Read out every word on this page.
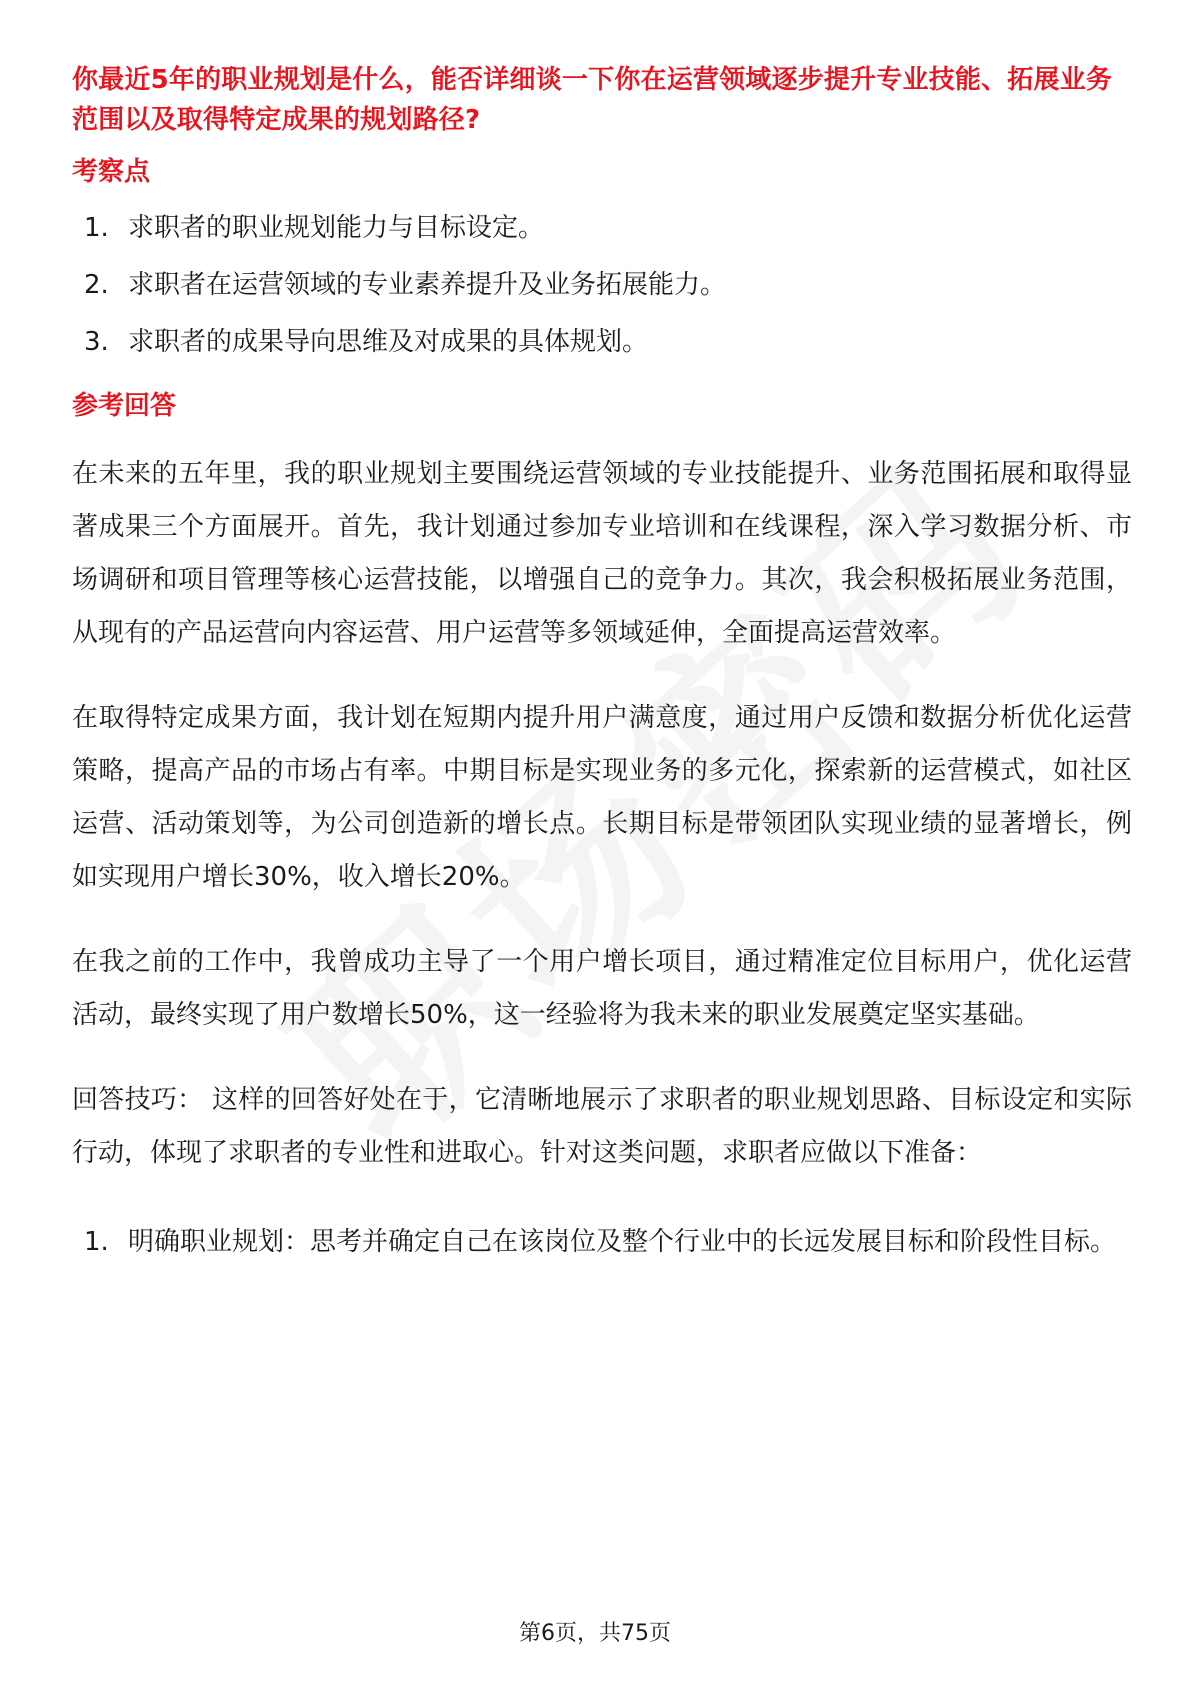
你最近5年的职业规划是什么，能否详细谈一下你在运营领域逐步提升专业技能、拓展业务范围以及取得特定成果的规划路径?

考察点

1. 求职者的职业规划能力与目标设定。
2. 求职者在运营领域的专业素养提升及业务拓展能力。
3. 求职者的成果导向思维及对成果的具体规划。

参考回答

在未来的五年里，我的职业规划主要围绕运营领域的专业技能提升、业务范围拓展和取得显著成果三个方面展开。首先，我计划通过参加专业培训和在线课程，深入学习数据分析、市场调研和项目管理等核心运营技能，以增强自己的竞争力。其次，我会积极拓展业务范围，从现有的产品运营向内容运营、用户运营等多领域延伸，全面提高运营效率。

在取得特定成果方面，我计划在短期内提升用户满意度，通过用户反馈和数据分析优化运营策略，提高产品的市场占有率。中期目标是实现业务的多元化，探索新的运营模式，如社区运营、活动策划等，为公司创造新的增长点。长期目标是带领团队实现业绩的显著增长，例如实现用户增长30%，收入增长20%。

在我之前的工作中，我曾成功主导了一个用户增长项目，通过精准定位目标用户，优化运营活动，最终实现了用户数增长50%，这一经验将为我未来的职业发展奠定坚实基础。

回答技巧： 这样的回答好处在于，它清晰地展示了求职者的职业规划思路、目标设定和实际行动，体现了求职者的专业性和进取心。针对这类问题，求职者应做以下准备：

1. 明确职业规划：思考并确定自己在该岗位及整个行业中的长远发展目标和阶段性目标。
第6页，共75页
